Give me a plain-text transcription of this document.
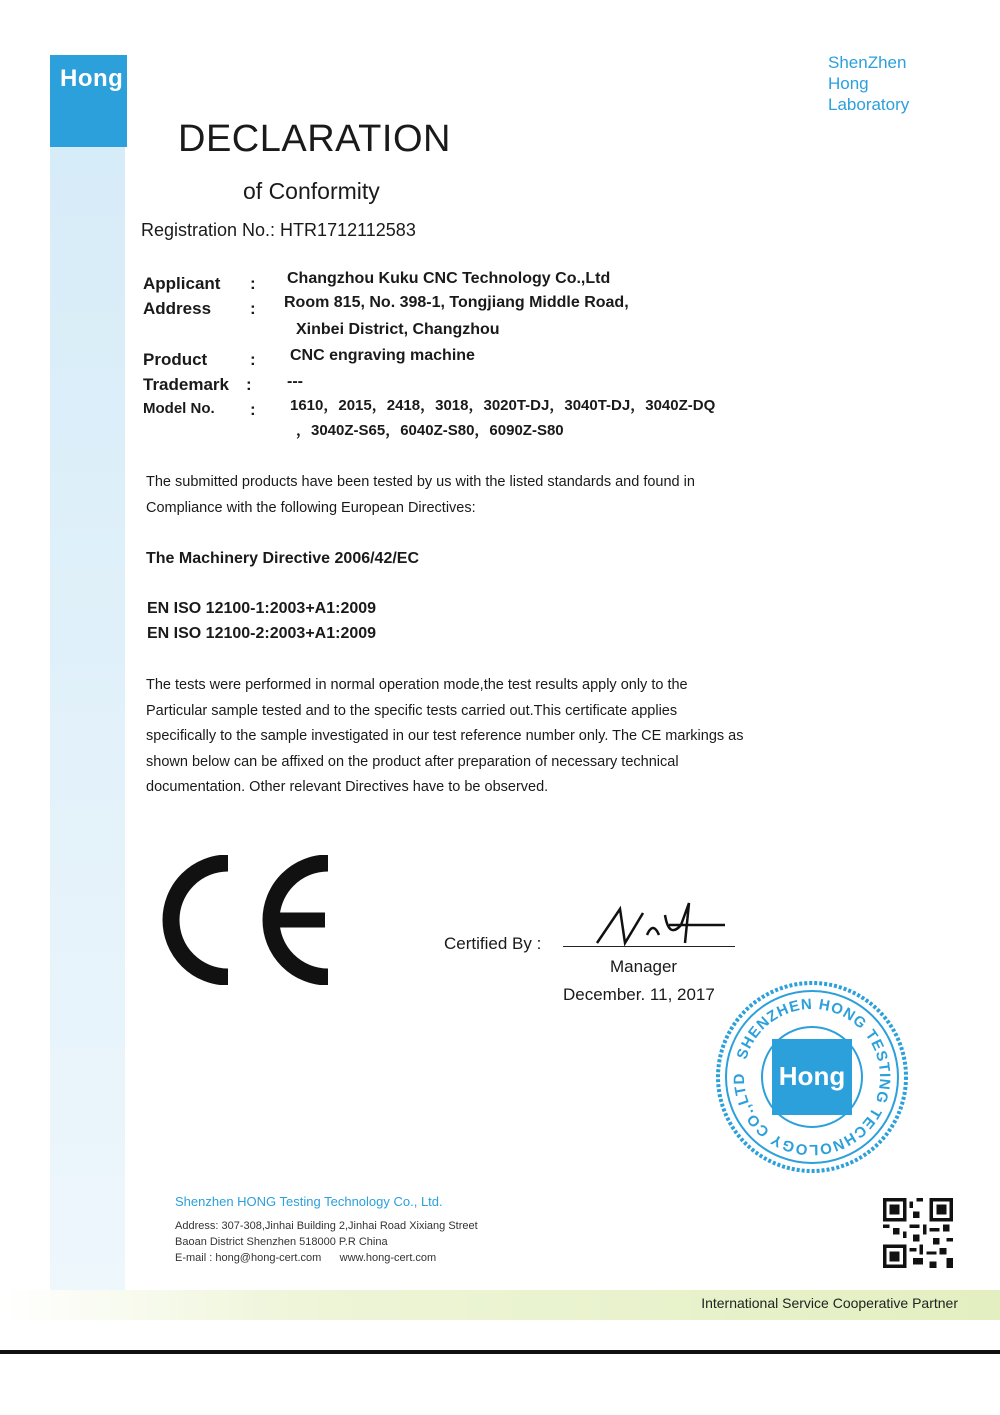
Hong
ShenZhen
Hong
Laboratory
DECLARATION
of Conformity
Registration No.: HTR1712112583
Applicant : Changzhou Kuku CNC Technology Co.,Ltd
Address : Room 815, No. 398-1, Tongjiang Middle Road,
Xinbei District, Changzhou
Product	: CNC engraving machine
Trademark : ---
Model No. : 1610，2015，2418，3018，3020T-DJ，3040T-DJ，3040Z-DQ
，3040Z-S65，6040Z-S80，6090Z-S80
The submitted products have been tested by us with the listed standards and found in Compliance with the following European Directives:
The Machinery Directive 2006/42/EC
EN ISO 12100-1:2003+A1:2009
EN ISO 12100-2:2003+A1:2009
The tests were performed in normal operation mode,the test results apply only to the Particular sample tested and to the specific tests carried out.This certificate applies specifically to the sample investigated in our test reference number only. The CE markings as shown below can be affixed on the product after preparation of necessary technical documentation. Other relevant Directives have to be observed.
Certified By :
Manager
December. 11, 2017
SHENZHEN HONG TESTING TECHNOLOGY CO.,LTD	Hong
Shenzhen HONG Testing Technology Co., Ltd.
Address: 307-308,Jinhai Building 2,Jinhai Road Xixiang Street
Baoan District Shenzhen 518000 P.R China
E-mail : hong@hong-cert.com      www.hong-cert.com
International Service Cooperative Partner
